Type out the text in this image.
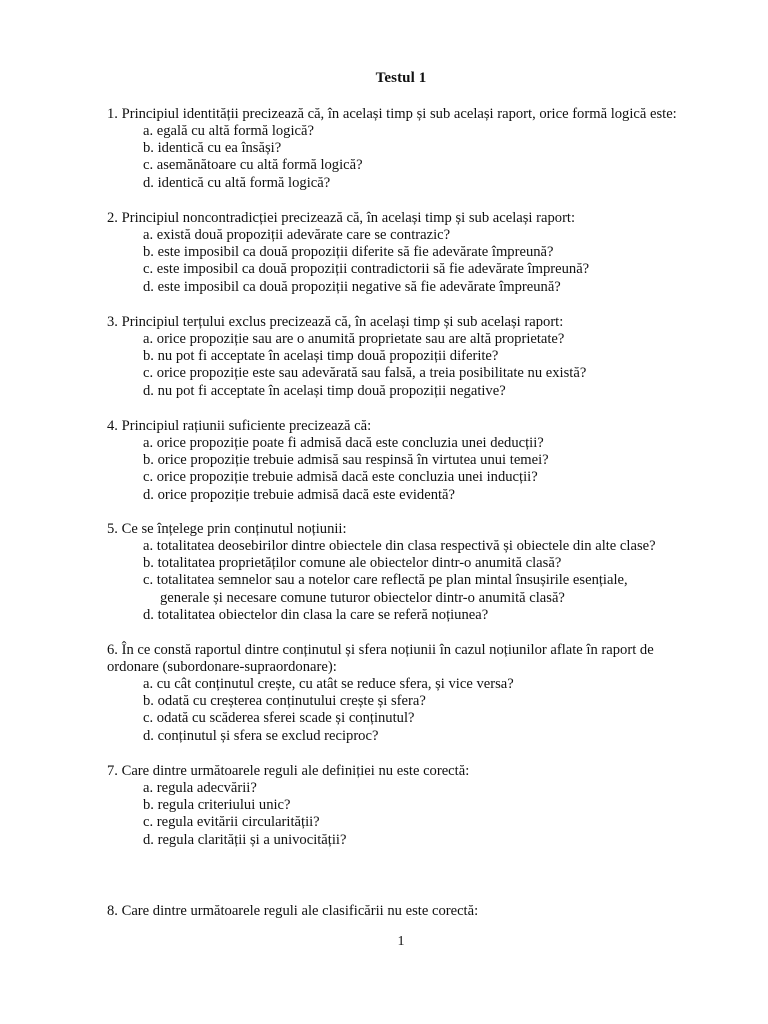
Testul 1
1. Principiul identității precizează că, în același timp și sub același raport, orice formă logică este:
a. egală cu altă formă logică?
b. identică cu ea însăși?
c. asemănătoare cu altă formă logică?
d. identică cu altă formă logică?
2. Principiul noncontradicției precizează că, în același timp și sub același raport:
a. există două propoziții adevărate care se contrazic?
b. este imposibil ca două propoziții diferite să fie adevărate împreună?
c. este imposibil ca două propoziții contradictorii să fie adevărate împreună?
d. este imposibil ca două propoziții negative să fie adevărate împreună?
3. Principiul terțului exclus precizează că, în același timp și sub același raport:
a. orice propoziție sau are o anumită proprietate sau are altă proprietate?
b. nu pot fi acceptate în același timp două propoziții diferite?
c. orice propoziție este sau adevărată sau falsă, a treia posibilitate nu există?
d. nu pot fi acceptate în același timp două propoziții negative?
4. Principiul rațiunii suficiente precizează că:
a. orice propoziție poate fi admisă dacă este concluzia unei deducții?
b. orice propoziție trebuie admisă sau respinsă în virtutea unui temei?
c. orice propoziție trebuie admisă dacă este concluzia unei inducții?
d. orice propoziție trebuie admisă dacă este evidentă?
5. Ce se înțelege prin conținutul noțiunii:
a. totalitatea deosebirilor dintre obiectele din clasa respectivă și obiectele din alte clase?
b. totalitatea proprietăților comune ale obiectelor dintr-o anumită clasă?
c. totalitatea semnelor sau a notelor care reflectă pe plan mintal însușirile esențiale,
generale și necesare comune tuturor obiectelor dintr-o anumită clasă?
d. totalitatea obiectelor din clasa la care se referă noțiunea?
6. În ce constă raportul dintre conținutul și sfera noțiunii în cazul noțiunilor aflate în raport de ordonare (subordonare-supraordonare):
a. cu cât conținutul crește, cu atât se reduce sfera, și vice versa?
b. odată cu creșterea conținutului crește și sfera?
c. odată cu scăderea sferei scade și conținutul?
d. conținutul și sfera se exclud reciproc?
7. Care dintre următoarele reguli ale definiției nu este corectă:
a. regula adecvării?
b. regula criteriului unic?
c. regula evitării circularității?
d. regula clarității și a univocității?
8. Care dintre următoarele reguli ale clasificării nu este corectă:
1
